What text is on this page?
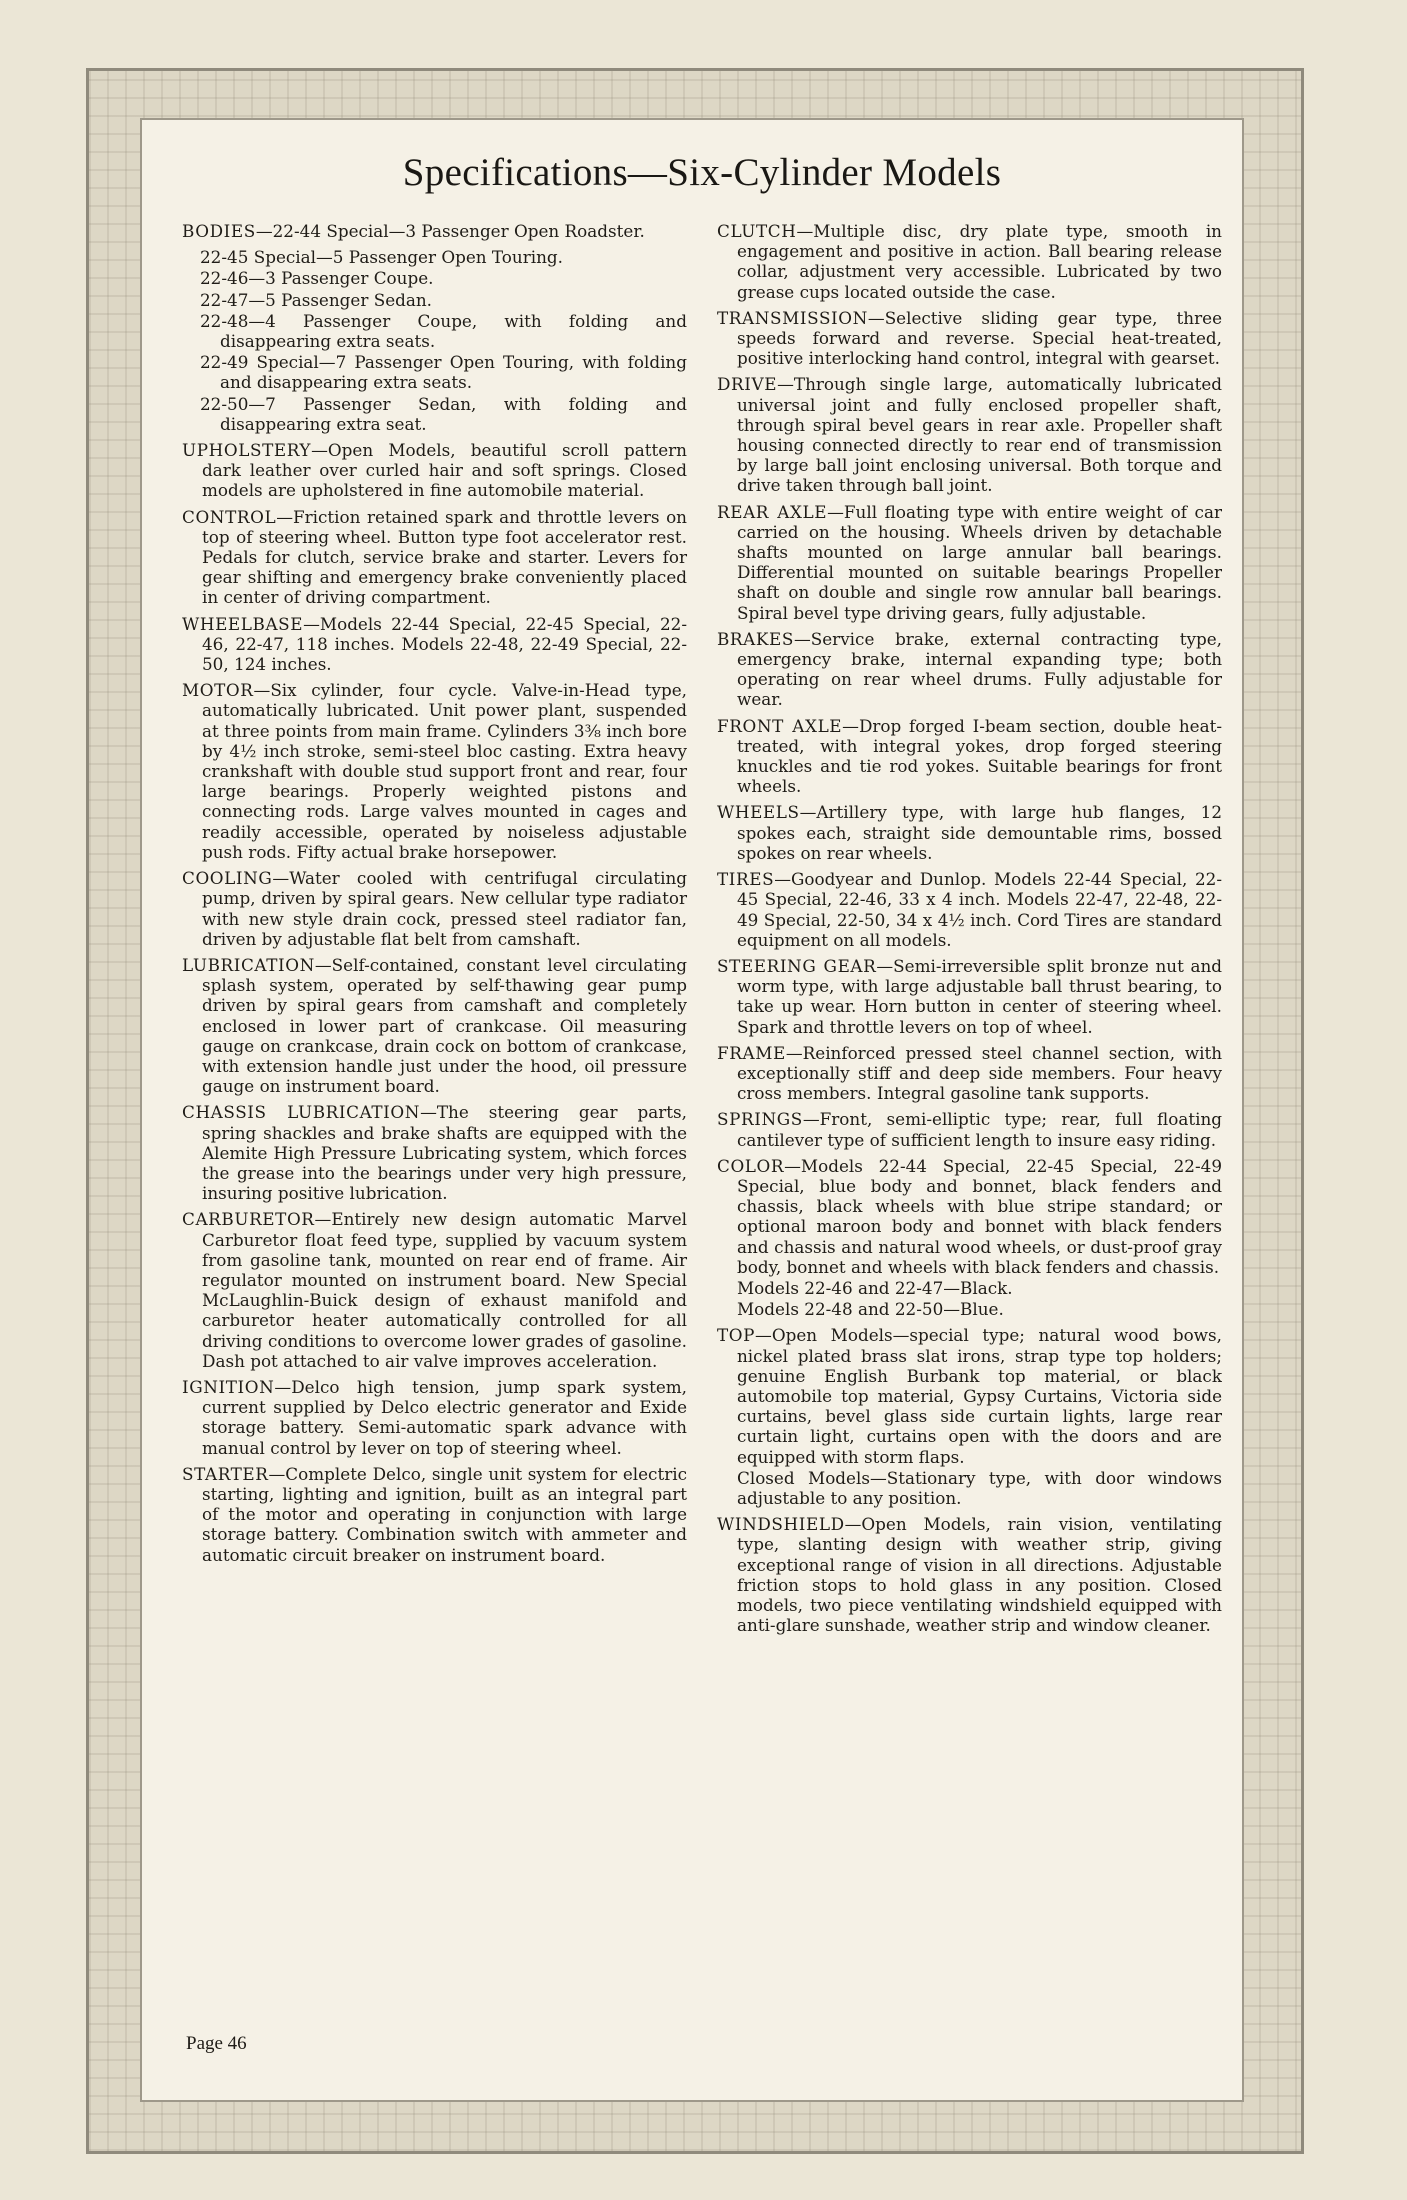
Specifications—Six-Cylinder Models

BODIES—22-44 Special—3 Passenger Open Roadster.

22-45 Special—5 Passenger Open Touring.

22-46—3 Passenger Coupe.

22-47—5 Passenger Sedan.

22-48—4 Passenger Coupe, with folding and disappearing extra seats.

22-49 Special—7 Passenger Open Touring, with folding and disappearing extra seats.

22-50—7 Passenger Sedan, with folding and disappearing extra seat.

UPHOLSTERY—Open Models, beautiful scroll pattern dark leather over curled hair and soft springs. Closed models are upholstered in fine automobile material.

CONTROL—Friction retained spark and throttle levers on top of steering wheel. Button type foot accelerator rest. Pedals for clutch, service brake and starter. Levers for gear shifting and emergency brake conveniently placed in center of driving compartment.

WHEELBASE—Models 22-44 Special, 22-45 Special, 22-46, 22-47, 118 inches. Models 22-48, 22-49 Special, 22-50, 124 inches.

MOTOR—Six cylinder, four cycle. Valve-in-Head type, automatically lubricated. Unit power plant, suspended at three points from main frame. Cylinders 3⅜ inch bore by 4½ inch stroke, semi-steel bloc casting. Extra heavy crankshaft with double stud support front and rear, four large bearings. Properly weighted pistons and connecting rods. Large valves mounted in cages and readily accessible, operated by noiseless adjustable push rods. Fifty actual brake horsepower.

COOLING—Water cooled with centrifugal circulating pump, driven by spiral gears. New cellular type radiator with new style drain cock, pressed steel radiator fan, driven by adjustable flat belt from camshaft.

LUBRICATION—Self-contained, constant level circulating splash system, operated by self-thawing gear pump driven by spiral gears from camshaft and completely enclosed in lower part of crankcase. Oil measuring gauge on crankcase, drain cock on bottom of crankcase, with extension handle just under the hood, oil pressure gauge on instrument board.

CHASSIS LUBRICATION—The steering gear parts, spring shackles and brake shafts are equipped with the Alemite High Pressure Lubricating system, which forces the grease into the bearings under very high pressure, insuring positive lubrication.

CARBURETOR—Entirely new design automatic Marvel Carburetor float feed type, supplied by vacuum system from gasoline tank, mounted on rear end of frame. Air regulator mounted on instrument board. New Special McLaughlin-Buick design of exhaust manifold and carburetor heater automatically controlled for all driving conditions to overcome lower grades of gasoline. Dash pot attached to air valve improves acceleration.

IGNITION—Delco high tension, jump spark system, current supplied by Delco electric generator and Exide storage battery. Semi-automatic spark advance with manual control by lever on top of steering wheel.

STARTER—Complete Delco, single unit system for electric starting, lighting and ignition, built as an integral part of the motor and operating in conjunction with large storage battery. Combination switch with ammeter and automatic circuit breaker on instrument board.

CLUTCH—Multiple disc, dry plate type, smooth in engagement and positive in action. Ball bearing release collar, adjustment very accessible. Lubricated by two grease cups located outside the case.

TRANSMISSION—Selective sliding gear type, three speeds forward and reverse. Special heat-treated, positive interlocking hand control, integral with gearset.

DRIVE—Through single large, automatically lubricated universal joint and fully enclosed propeller shaft, through spiral bevel gears in rear axle. Propeller shaft housing connected directly to rear end of transmission by large ball joint enclosing universal. Both torque and drive taken through ball joint.

REAR AXLE—Full floating type with entire weight of car carried on the housing. Wheels driven by detachable shafts mounted on large annular ball bearings. Differential mounted on suitable bearings Propeller shaft on double and single row annular ball bearings. Spiral bevel type driving gears, fully adjustable.

BRAKES—Service brake, external contracting type, emergency brake, internal expanding type; both operating on rear wheel drums. Fully adjustable for wear.

FRONT AXLE—Drop forged I-beam section, double heat-treated, with integral yokes, drop forged steering knuckles and tie rod yokes. Suitable bearings for front wheels.

WHEELS—Artillery type, with large hub flanges, 12 spokes each, straight side demountable rims, bossed spokes on rear wheels.

TIRES—Goodyear and Dunlop. Models 22-44 Special, 22-45 Special, 22-46, 33 x 4 inch. Models 22-47, 22-48, 22-49 Special, 22-50, 34 x 4½ inch. Cord Tires are standard equipment on all models.

STEERING GEAR—Semi-irreversible split bronze nut and worm type, with large adjustable ball thrust bearing, to take up wear. Horn button in center of steering wheel. Spark and throttle levers on top of wheel.

FRAME—Reinforced pressed steel channel section, with exceptionally stiff and deep side members. Four heavy cross members. Integral gasoline tank supports.

SPRINGS—Front, semi-elliptic type; rear, full floating cantilever type of sufficient length to insure easy riding.

COLOR—Models 22-44 Special, 22-45 Special, 22-49 Special, blue body and bonnet, black fenders and chassis, black wheels with blue stripe standard; or optional maroon body and bonnet with black fenders and chassis and natural wood wheels, or dust-proof gray body, bonnet and wheels with black fenders and chassis.

Models 22-46 and 22-47—Black.

Models 22-48 and 22-50—Blue.

TOP—Open Models—special type; natural wood bows, nickel plated brass slat irons, strap type top holders; genuine English Burbank top material, or black automobile top material, Gypsy Curtains, Victoria side curtains, bevel glass side curtain lights, large rear curtain light, curtains open with the doors and are equipped with storm flaps.

Closed Models—Stationary type, with door windows adjustable to any position.

WINDSHIELD—Open Models, rain vision, ventilating type, slanting design with weather strip, giving exceptional range of vision in all directions. Adjustable friction stops to hold glass in any position. Closed models, two piece ventilating windshield equipped with anti-glare sunshade, weather strip and window cleaner.

Page 46
